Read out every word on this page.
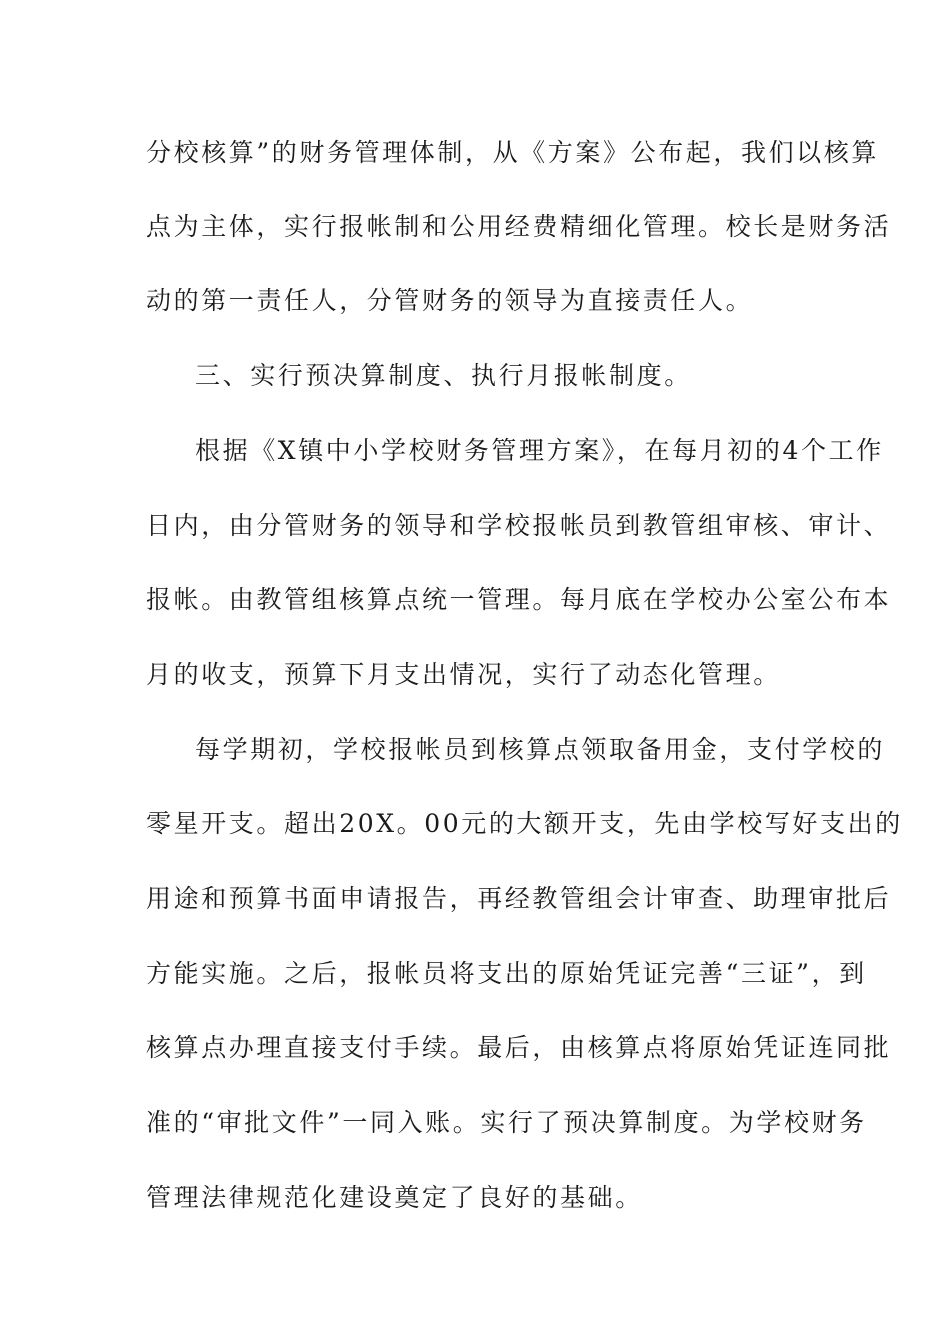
分校核算”的财务管理体制，从《方案》公布起，我们以核算
点为主体，实行报帐制和公用经费精细化管理。校长是财务活
动的第一责任人，分管财务的领导为直接责任人。
三、实行预决算制度、执行月报帐制度。
根据《X镇中小学校财务管理方案》，在每月初的4个工作
日内，由分管财务的领导和学校报帐员到教管组审核、审计、
报帐。由教管组核算点统一管理。每月底在学校办公室公布本
月的收支，预算下月支出情况，实行了动态化管理。
每学期初，学校报帐员到核算点领取备用金，支付学校的
零星开支。超出20X。00元的大额开支，先由学校写好支出的
用途和预算书面申请报告，再经教管组会计审查、助理审批后
方能实施。之后，报帐员将支出的原始凭证完善“三证”，到
核算点办理直接支付手续。最后，由核算点将原始凭证连同批
准的“审批文件”一同入账。实行了预决算制度。为学校财务
管理法律规范化建设奠定了良好的基础。
